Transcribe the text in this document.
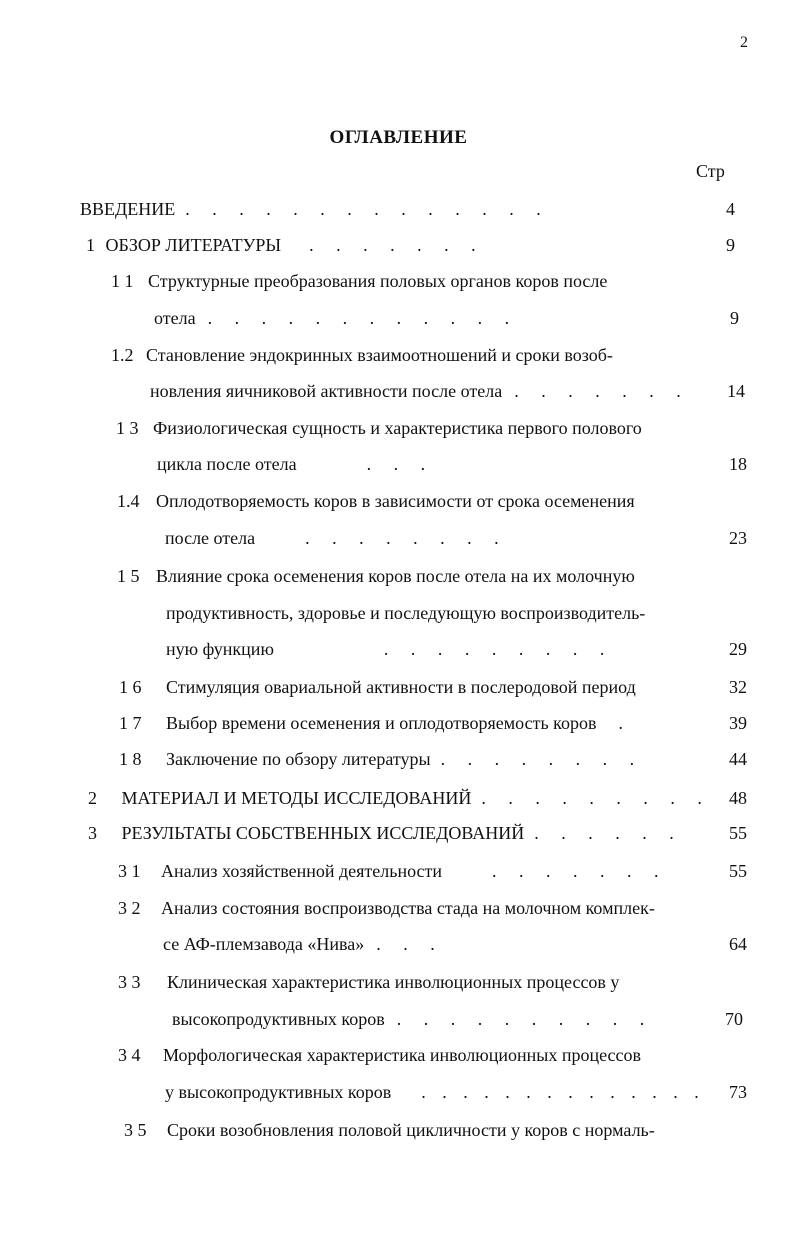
2
ОГЛАВЛЕНИЕ
Стр
ВВЕДЕНИЕ . . . . . . . . . . . . . .	4
1 ОБЗОР ЛИТЕРАТУРЫ . . . . . . .	9
1 1 Структурные преобразования половых органов коров после
отела . . . . . . . . . . . .	9
1.2 Становление эндокринных взаимоотношений и сроки возоб-
новления яичниковой активности после отела . . . . . . . 14
1 3 Физиологическая сущность и характеристика первого полового
цикла после отела	. . .	18
1.4 Оплодотворяемость коров в зависимости от срока осеменения
после отела	. . . . . . . .	23
1 5 Влияние срока осеменения коров после отела на их молочную
продуктивность, здоровье и последующую воспроизводитель-
ную функцию	. . . . . . . . .	29
1 6 Стимуляция овариальной активности в послеродовой период	32
1 7 Выбор времени осеменения и оплодотворяемость коров .	39
1 8 Заключение по обзору литературы . . . . . . . .	44
2 МАТЕРИАЛ И МЕТОДЫ ИССЛЕДОВАНИЙ . . . . . . . . . 48
3 РЕЗУЛЬТАТЫ СОБСТВЕННЫХ ИССЛЕДОВАНИЙ . . . . . .	55
3 1 Анализ хозяйственной деятельности	. . . . . . .	55
3 2 Анализ состояния воспроизводства стада на молочном комплек-
се АФ-племзавода «Нива» . . .	64
3 3 Клиническая характеристика инволюционных процессов у
высокопродуктивных коров . . . . . . . . . .	70
3 4 Морфологическая характеристика инволюционных процессов
у высокопродуктивных коров . . . . . . . . . . . . . . 73
3 5 Сроки возобновления половой цикличности у коров с нормаль-
